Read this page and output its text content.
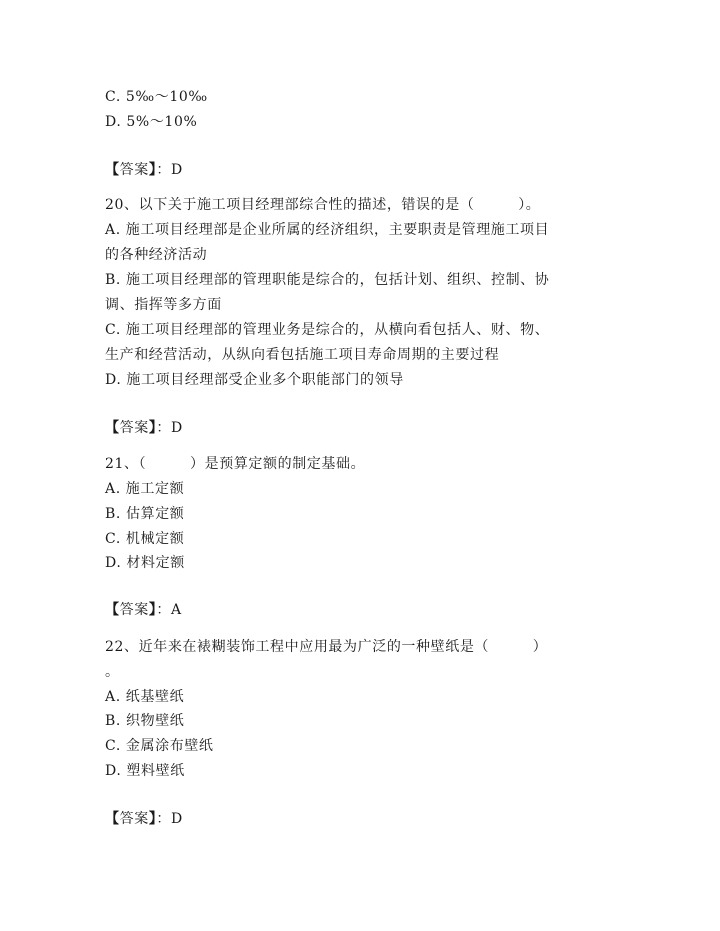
C. 5‰～10‰
D. 5%～10%
【答案】：D
20、以下关于施工项目经理部综合性的描述，错误的是（　　　）。
A. 施工项目经理部是企业所属的经济组织，主要职责是管理施工项目
的各种经济活动
B. 施工项目经理部的管理职能是综合的，包括计划、组织、控制、协
调、指挥等多方面
C. 施工项目经理部的管理业务是综合的，从横向看包括人、财、物、
生产和经营活动，从纵向看包括施工项目寿命周期的主要过程
D. 施工项目经理部受企业多个职能部门的领导
【答案】：D
21、（　　　）是预算定额的制定基础。
A. 施工定额
B. 估算定额
C. 机械定额
D. 材料定额
【答案】：A
22、近年来在裱糊装饰工程中应用最为广泛的一种壁纸是（　　　）
。
A. 纸基壁纸
B. 织物壁纸
C. 金属涂布壁纸
D. 塑料壁纸
【答案】：D
